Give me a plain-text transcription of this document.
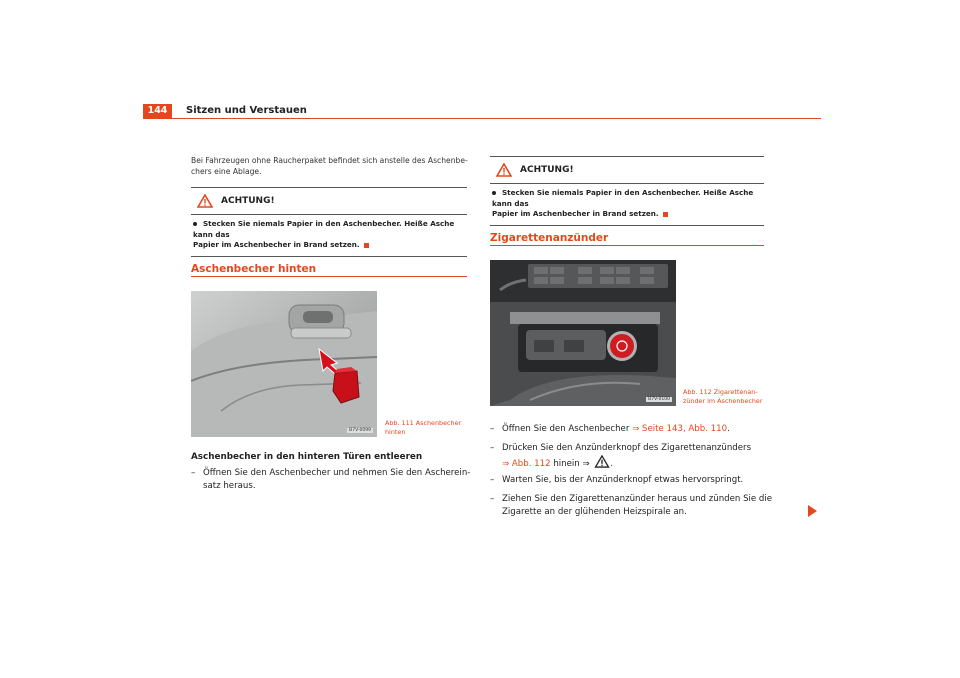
144	Sitzen und Verstauen
Bei Fahrzeugen ohne Raucherpaket befindet sich anstelle des Aschenbe-
chers eine Ablage.
ACHTUNG!
Stecken Sie niemals Papier in den Aschenbecher. Heiße Asche kann das
Papier im Aschenbecher in Brand setzen.
Aschenbecher hinten
B7V-0099
Abb. 111 Aschenbecher
hinten
Aschenbecher in den hinteren Türen entleeren
– Öffnen Sie den Aschenbecher und nehmen Sie den Ascherein-
satz heraus.
ACHTUNG!
Stecken Sie niemals Papier in den Aschenbecher. Heiße Asche kann das
Papier im Aschenbecher in Brand setzen.
Zigarettenanzünder
B7V-0100
Abb. 112 Zigarettenan-
zünder im Aschenbecher
– Öffnen Sie den Aschenbecher ⇒ Seite 143, Abb. 110.
– Drücken Sie den Anzünderknopf des Zigarettenanzünders
⇒ Abb. 112 hinein ⇒ .
– Warten Sie, bis der Anzünderknopf etwas hervorspringt.
– Ziehen Sie den Zigarettenanzünder heraus und zünden Sie die
Zigarette an der glühenden Heizspirale an.
